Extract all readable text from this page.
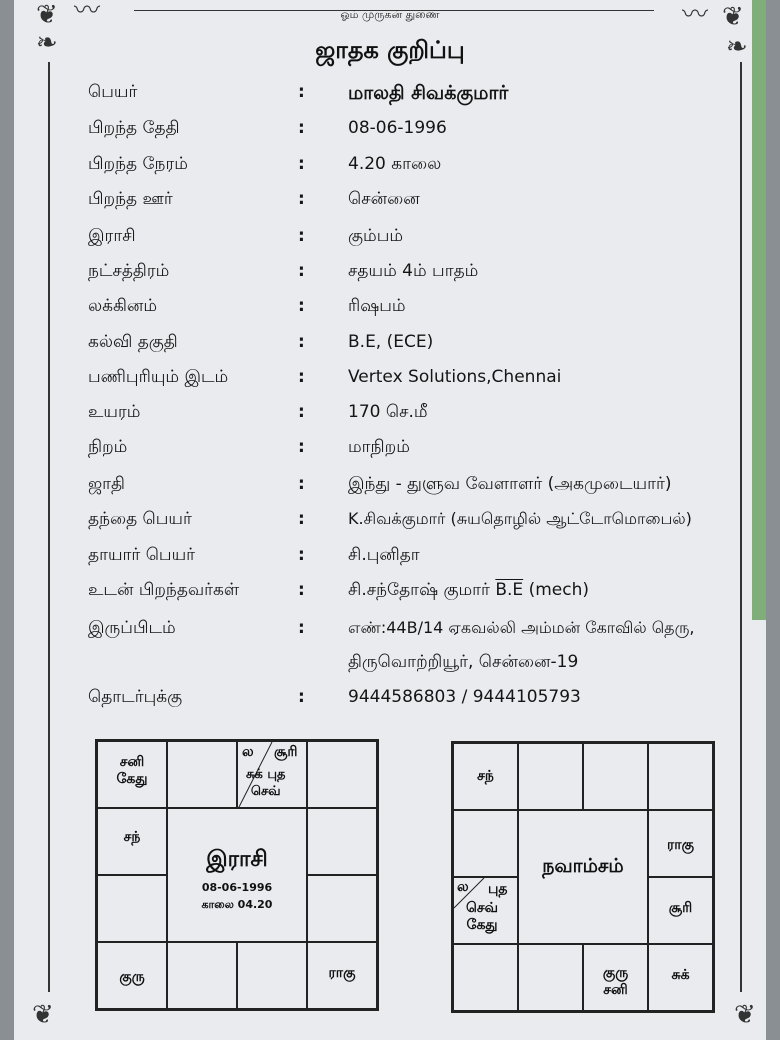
❦
❧
〰	〰 ❦
❧
❦	❦
ஓம் முருகன் துணை
ஜாதக குறிப்பு
பெயர்	: மாலதி சிவக்குமார்
பிறந்த தேதி	:	08-06-1996
பிறந்த நேரம்	:	4.20 காலை
பிறந்த ஊர்	:	சென்னை
இராசி	:	கும்பம்
நட்சத்திரம்	:	சதயம் 4ம் பாதம்
லக்கினம்	:	ரிஷபம்
கல்வி தகுதி	:	B.E, (ECE)
பணிபுரியும் இடம்	:	Vertex Solutions,Chennai
உயரம்	:	170 செ.மீ
நிறம்	:	மாநிறம்
ஜாதி	:	இந்து - துளுவ வேளாளர் (அகமுடையார்)
தந்தை பெயர்	:	K.சிவக்குமார் (சுயதொழில் ஆட்டோமொபைல்)
தாயார் பெயர்	:	சி.புனிதா
உடன் பிறந்தவர்கள்	:	சி.சந்தோஷ் குமார் B.E (mech)
இருப்பிடம்	:	எண்:44B/14 ஏகவல்லி அம்மன் கோவில் தெரு,
திருவொற்றியூர், சென்னை-19
தொடர்புக்கு	:	9444586803 / 9444105793
சனி
கேது
ல சூரி
சுக் புத
செவ்
சந்
குரு	ராகு
இராசி
08-06-1996
காலை 04.20
சந்
ராகு
ல புத
செவ்
கேது
சூரி
குரு
சனி
சுக்
நவாம்சம்
